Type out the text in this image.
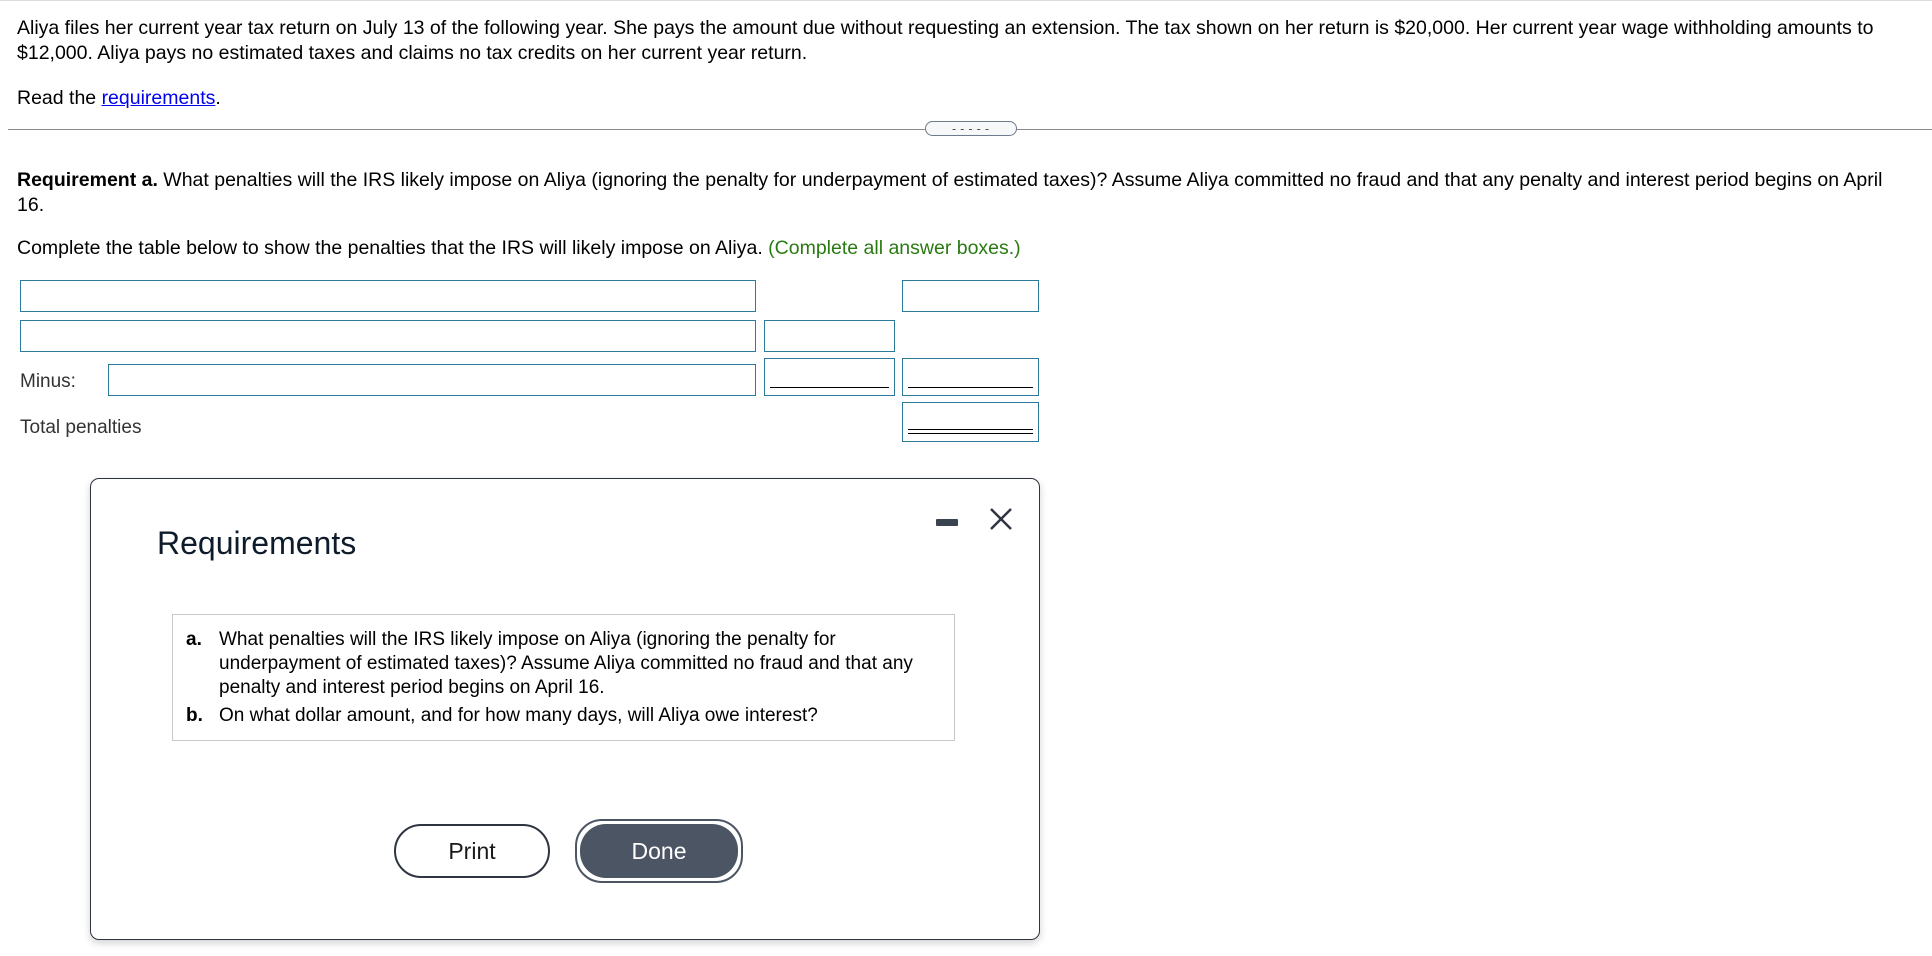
Aliya files her current year tax return on July 13 of the following year. She pays the amount due without requesting an extension. The tax shown on her return is $20,000. Her current year wage withholding amounts to $12,000. Aliya pays no estimated taxes and claims no tax credits on her current year return.
Read the requirements.
-----
Requirement a. What penalties will the IRS likely impose on Aliya (ignoring the penalty for underpayment of estimated taxes)? Assume Aliya committed no fraud and that any penalty and interest period begins on April 16.
Complete the table below to show the penalties that the IRS will likely impose on Aliya. (Complete all answer boxes.)
Minus:
Total penalties
Requirements
a. What penalties will the IRS likely impose on Aliya (ignoring the penalty for underpayment of estimated taxes)? Assume Aliya committed no fraud and that any penalty and interest period begins on April 16.
b. On what dollar amount, and for how many days, will Aliya owe interest?
Print	Done
